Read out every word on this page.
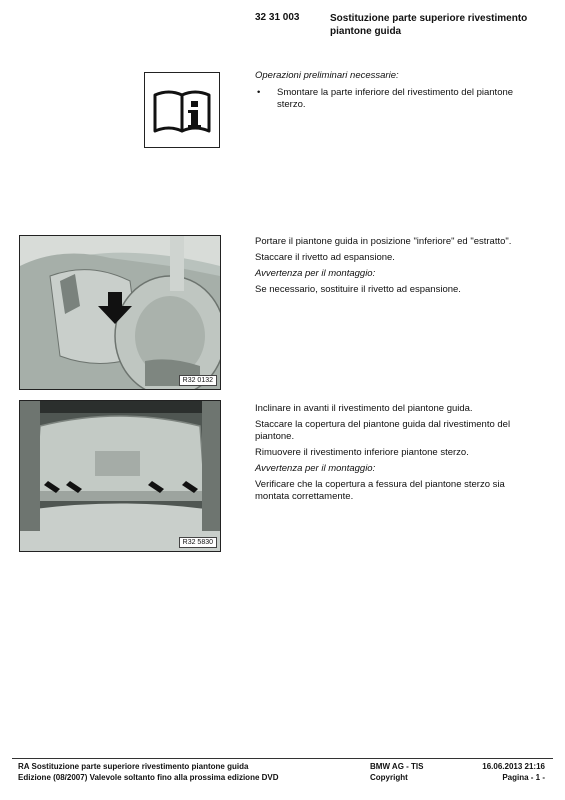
32 31 003	Sostituzione parte superiore rivestimento piantone guida
Operazioni preliminari necessarie:
• Smontare la parte inferiore del rivestimento del piantone sterzo.
R32 0132

Portare il piantone guida in posizione "inferiore" ed "estratto".

Staccare il rivetto ad espansione.

Avvertenza per il montaggio:

Se necessario, sostituire il rivetto ad espansione.

R32 5830

Inclinare in avanti il rivestimento del piantone guida.

Staccare la copertura del piantone guida dal rivestimento del piantone.

Rimuovere il rivestimento inferiore piantone sterzo.

Avvertenza per il montaggio:

Verificare che la copertura a fessura del piantone sterzo sia montata correttamente.

RA Sostituzione parte superiore rivestimento piantone guida
Edizione (08/2007) Valevole soltanto fino alla prossima edizione DVD
BMW AG - TIS
Copyright
16.06.2013 21:16
Pagina - 1 -
